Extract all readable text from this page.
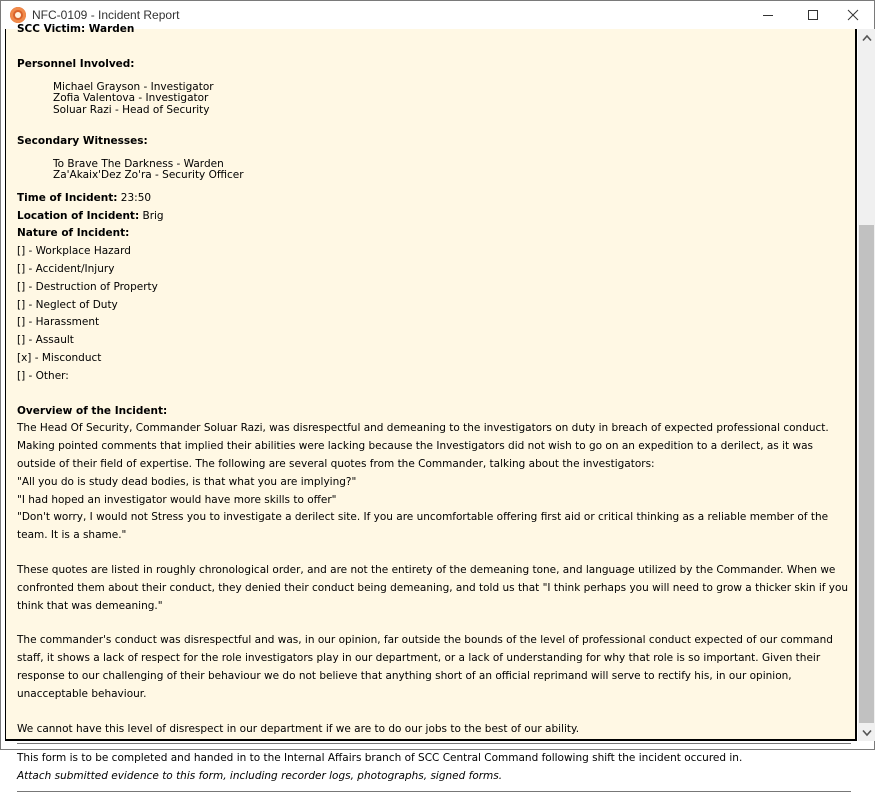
NFC-0109 - Incident Report
SCC Victim: Warden
Personnel Involved:
Michael Grayson - Investigator
Zofia Valentova - Investigator
Soluar Razi - Head of Security
Secondary Witnesses:
To Brave The Darkness - Warden
Za'Akaix'Dez Zo'ra - Security Officer
Time of Incident: 23:50
Location of Incident: Brig
Nature of Incident:
[] - Workplace Hazard
[] - Accident/Injury
[] - Destruction of Property
[] - Neglect of Duty
[] - Harassment
[] - Assault
[x] - Misconduct
[] - Other:
Overview of the Incident:

The Head Of Security, Commander Soluar Razi, was disrespectful and demeaning to the investigators on duty in breach of expected professional conduct. Making pointed comments that implied their abilities were lacking because the Investigators did not wish to go on an expedition to a derilect, as it was outside of their field of expertise. The following are several quotes from the Commander, talking about the investigators:

"All you do is study dead bodies, is that what you are implying?"
"I had hoped an investigator would have more skills to offer"
"Don't worry, I would not Stress you to investigate a derilect site. If you are uncomfortable offering first aid or critical thinking as a reliable member of the team. It is a shame."

These quotes are listed in roughly chronological order, and are not the entirety of the demeaning tone, and language utilized by the Commander. When we confronted them about their conduct, they denied their conduct being demeaning, and told us that "I think perhaps you will need to grow a thicker skin if you think that was demeaning."

The commander's conduct was disrespectful and was, in our opinion, far outside the bounds of the level of professional conduct expected of our command staff, it shows a lack of respect for the role investigators play in our department, or a lack of understanding for why that role is so important. Given their response to our challenging of their behaviour we do not believe that anything short of an official reprimand will serve to rectify his, in our opinion, unacceptable behaviour.

We cannot have this level of disrespect in our department if we are to do our jobs to the best of our ability.

This form is to be completed and handed in to the Internal Affairs branch of SCC Central Command following shift the incident occured in.
Attach submitted evidence to this form, including recorder logs, photographs, signed forms.
